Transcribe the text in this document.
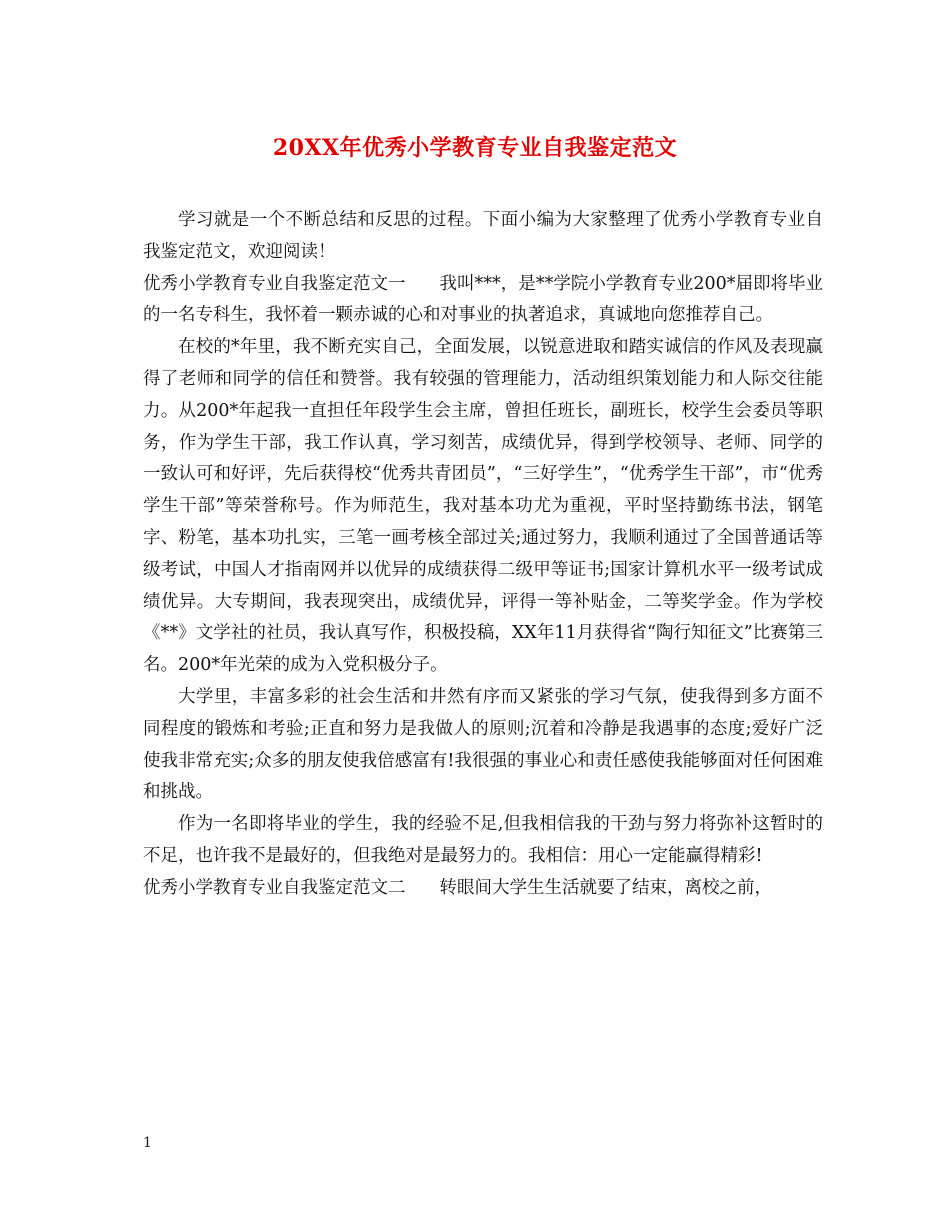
20XX年优秀小学教育专业自我鉴定范文

学习就是一个不断总结和反思的过程。下面小编为大家整理了优秀小学教育专业自我鉴定范文，欢迎阅读！

优秀小学教育专业自我鉴定范文一 我叫***，是**学院小学教育专业200*届即将毕业的一名专科生，我怀着一颗赤诚的心和对事业的执著追求，真诚地向您推荐自己。

在校的*年里，我不断充实自己，全面发展，以锐意进取和踏实诚信的作风及表现赢得了老师和同学的信任和赞誉。我有较强的管理能力，活动组织策划能力和人际交往能力。从200*年起我一直担任年段学生会主席，曾担任班长，副班长，校学生会委员等职务，作为学生干部，我工作认真，学习刻苦，成绩优异，得到学校领导、老师、同学的一致认可和好评，先后获得校“优秀共青团员”，“三好学生”，“优秀学生干部”，市“优秀学生干部”等荣誉称号。作为师范生，我对基本功尤为重视，平时坚持勤练书法，钢笔字、粉笔，基本功扎实，三笔一画考核全部过关;通过努力，我顺利通过了全国普通话等级考试，中国人才指南网并以优异的成绩获得二级甲等证书;国家计算机水平一级考试成绩优异。大专期间，我表现突出，成绩优异，评得一等补贴金，二等奖学金。作为学校《**》文学社的社员，我认真写作，积极投稿，XX年11月获得省“陶行知征文”比赛第三名。200*年光荣的成为入党积极分子。

大学里，丰富多彩的社会生活和井然有序而又紧张的学习气氛，使我得到多方面不同程度的锻炼和考验;正直和努力是我做人的原则;沉着和冷静是我遇事的态度;爱好广泛使我非常充实;众多的朋友使我倍感富有!我很强的事业心和责任感使我能够面对任何困难和挑战。

作为一名即将毕业的学生，我的经验不足,但我相信我的干劲与努力将弥补这暂时的不足，也许我不是最好的，但我绝对是最努力的。我相信：用心一定能赢得精彩!

优秀小学教育专业自我鉴定范文二 转眼间大学生生活就要了结束，离校之前，

1
